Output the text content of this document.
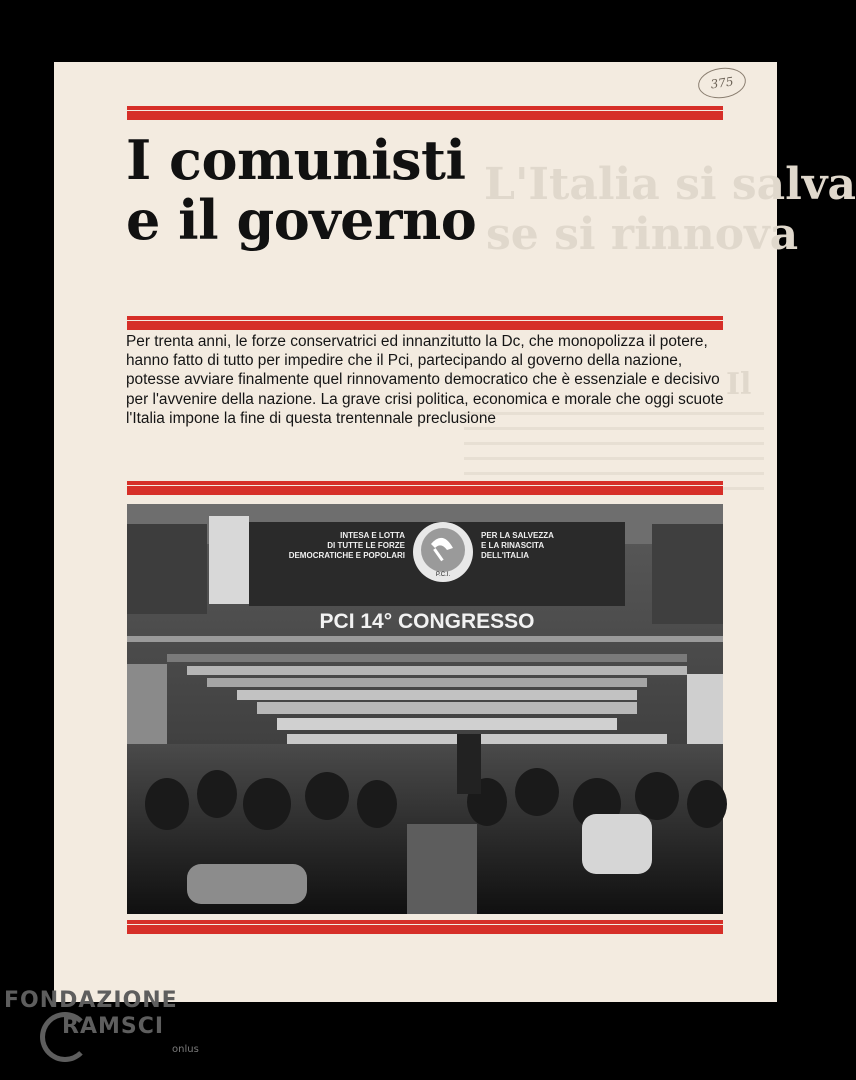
L'Italia si salva
se si rinnova
Il
375
I comunisti
e il governo

Per trenta anni, le forze conservatrici ed innanzitutto la Dc, che monopolizza il potere, hanno fatto di tutto per impedire che il Pci, partecipando al governo della nazione, potesse avviare finalmente quel rinnovamento democratico che è essenziale e decisivo per l'avvenire della nazione. La grave crisi politica, economica e morale che oggi scuote l'Italia impone la fine di questa trentennale preclusione

INTESA E LOTTA
DI TUTTE LE FORZE
DEMOCRATICHE E POPOLARI
PER LA SALVEZZA
E LA RINASCITA
DELL'ITALIA
P.C.I.
PCI 14° CONGRESSO
FONDAZIONE
RAMSCI
onlus
